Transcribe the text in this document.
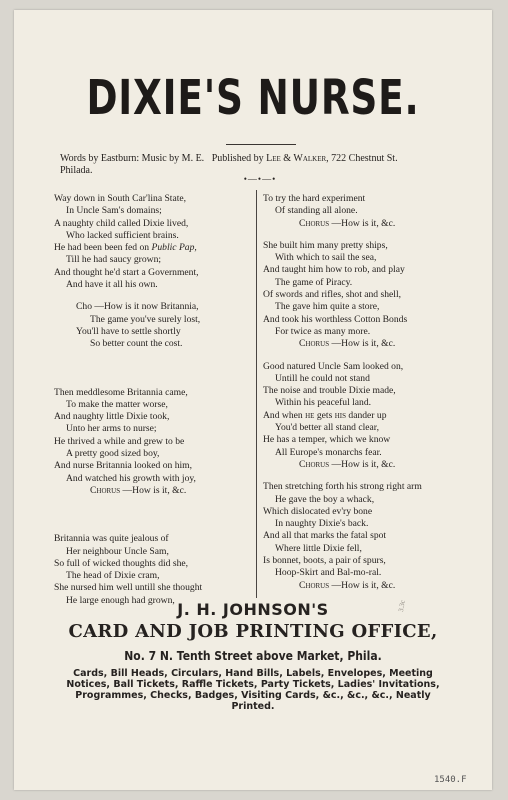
DIXIE'S NURSE.
Words by Eastburn: Music by M. E. Published by Lee & Walker, 722 Chestnut St.
Philada.
•—•—•

Way down in South Car'lina State,

In Uncle Sam's domains;

A naughty child called Dixie lived,

Who lacked sufficient brains.

He had been been fed on Public Pap,

Till he had saucy grown;

And thought he'd start a Government,

And have it all his own.

Cho —How is it now Britannia,

The game you've surely lost,

You'll have to settle shortly

So better count the cost.

Then meddlesome Britannia came,

To make the matter worse,

And naughty little Dixie took,

Unto her arms to nurse;

He thrived a while and grew to be

A pretty good sized boy,

And nurse Britannia looked on him,

And watched his growth with joy,

Chorus —How is it, &c.

Britannia was quite jealous of

Her neighbour Uncle Sam,

So full of wicked thoughts did she,

The head of Dixie cram,

She nursed him well untill she thought

He large enough had grown,

To try the hard experiment

Of standing all alone.

Chorus —How is it, &c.

She built him many pretty ships,

With which to sail the sea,

And taught him how to rob, and play

The game of Piracy.

Of swords and rifles, shot and shell,

The gave him quite a store,

And took his worthless Cotton Bonds

For twice as many more.

Chorus —How is it, &c.

Good natured Uncle Sam looked on,

Untill he could not stand

The noise and trouble Dixie made,

Within his peaceful land.

And when he gets his dander up

You'd better all stand clear,

He has a temper, which we know

All Europe's monarchs fear.

Chorus —How is it, &c.

Then stretching forth his strong right arm

He gave the boy a whack,

Which dislocated ev'ry bone

In naughty Dixie's back.

And all that marks the fatal spot

Where little Dixie fell,

Is bonnet, boots, a pair of spurs,

Hoop-Skirt and Bal-mo-ral.

Chorus —How is it, &c.

3.3c
J. H. JOHNSON'S
CARD AND JOB PRINTING OFFICE,
No. 7 N. Tenth Street above Market, Phila.
Cards, Bill Heads, Circulars, Hand Bills, Labels, Envelopes, Meeting Notices, Ball Tickets, Raffle Tickets, Party Tickets, Ladies' Invitations, Programmes, Checks, Badges, Visiting Cards, &c., &c., &c., Neatly Printed.
1540.F
